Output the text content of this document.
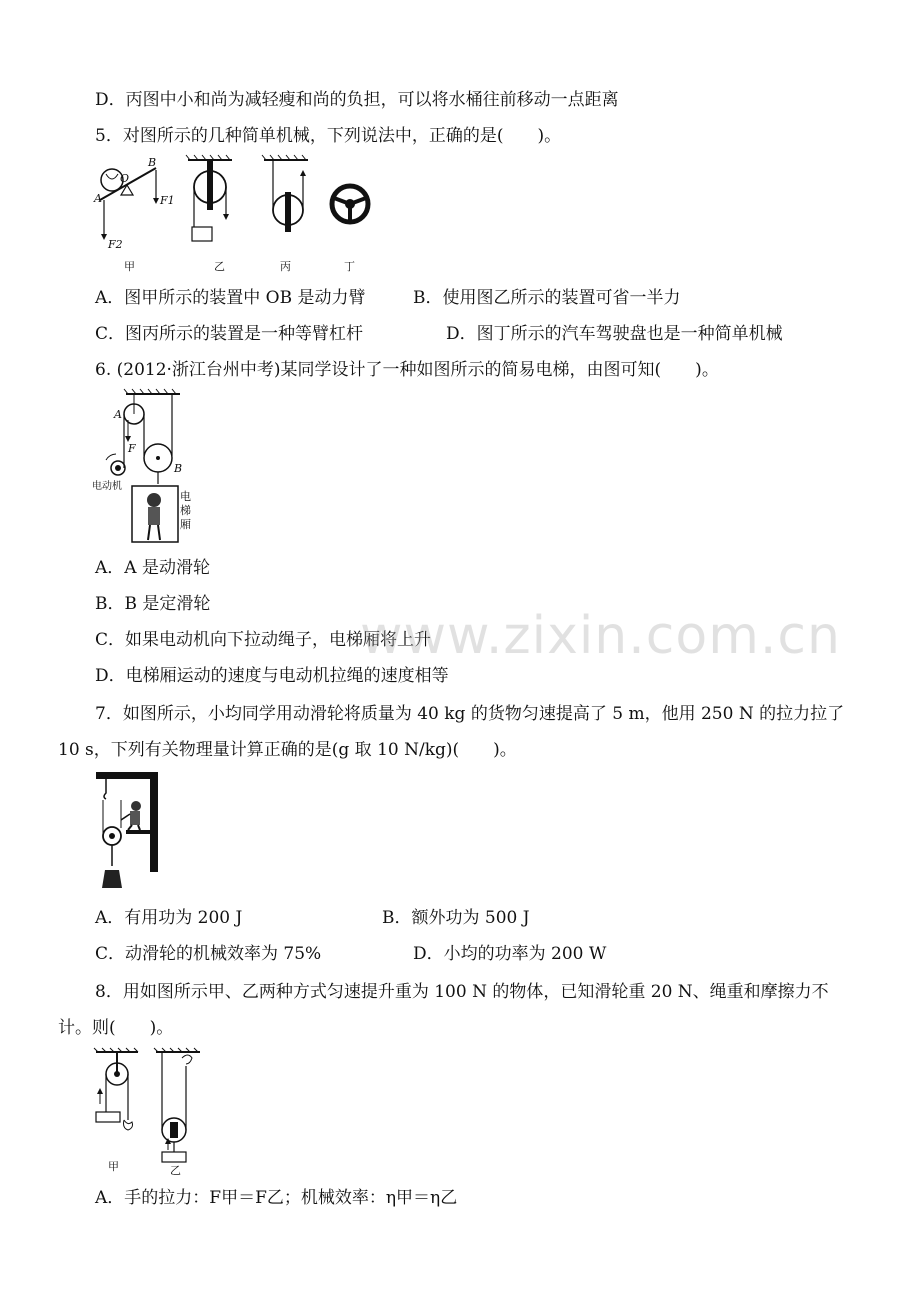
D．丙图中小和尚为减轻瘦和尚的负担，可以将水桶往前移动一点距离
5．对图所示的几种简单机械，下列说法中，正确的是(　　)。
A
B
O
F1
F2
甲	乙	丙	丁
A．图甲所示的装置中 OB 是动力臂	B．使用图乙所示的装置可省一半力
C．图丙所示的装置是一种等臂杠杆	D．图丁所示的汽车驾驶盘也是一种简单机械
6. (2012·浙江台州中考)某同学设计了一种如图所示的简易电梯，由图可知(　　)。
A
B
F
电动机
电
梯
厢
A．A 是动滑轮
B．B 是定滑轮
C．如果电动机向下拉动绳子，电梯厢将上升
D．电梯厢运动的速度与电动机拉绳的速度相等
7．如图所示，小均同学用动滑轮将质量为 40 kg 的货物匀速提高了 5 m，他用 250 N 的拉力拉了
10 s，下列有关物理量计算正确的是(g 取 10 N/kg)(　　)。
A．有用功为 200 J	B．额外功为 500 J
C．动滑轮的机械效率为 75%	D．小均的功率为 200 W
8．用如图所示甲、乙两种方式匀速提升重为 100 N 的物体，已知滑轮重 20 N、绳重和摩擦力不
计。则(　　)。
甲	乙
A．手的拉力：F甲＝F乙；机械效率：η甲＝η乙
www.zixin.com.cn
